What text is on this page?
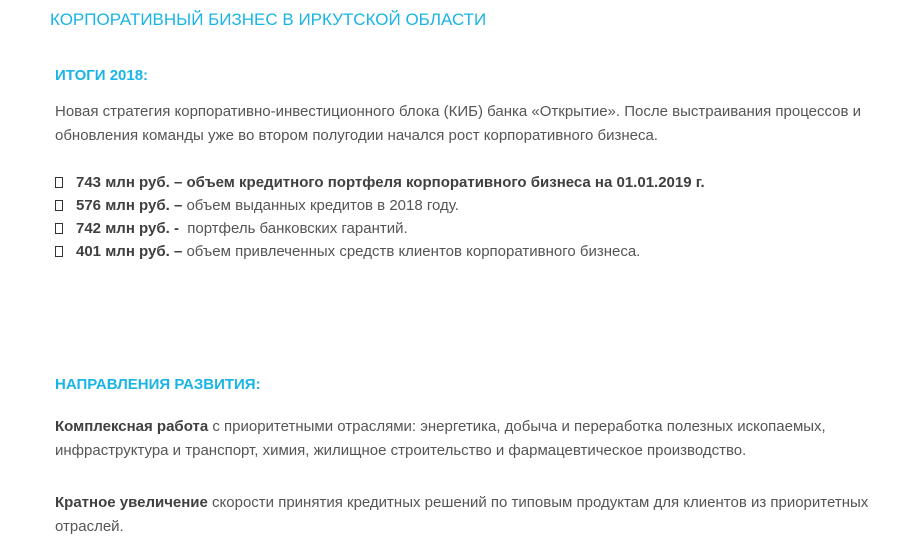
КОРПОРАТИВНЫЙ БИЗНЕС В ИРКУТСКОЙ ОБЛАСТИ
ИТОГИ 2018:
Новая стратегия корпоративно-инвестиционного блока (КИБ) банка «Открытие». После выстраивания процессов и обновления команды уже во втором полугодии начался рост корпоративного бизнеса.
743 млн руб. – объем кредитного портфеля корпоративного бизнеса на 01.01.2019 г.
576 млн руб. – объем выданных кредитов в 2018 году.
742 млн руб. - портфель банковских гарантий.
401 млн руб. – объем привлеченных средств клиентов корпоративного бизнеса.
НАПРАВЛЕНИЯ РАЗВИТИЯ:
Комплексная работа с приоритетными отраслями: энергетика, добыча и переработка полезных ископаемых, инфраструктура и транспорт, химия, жилищное строительство и фармацевтическое производство.
Кратное увеличение скорости принятия кредитных решений по типовым продуктам для клиентов из приоритетных отраслей.
